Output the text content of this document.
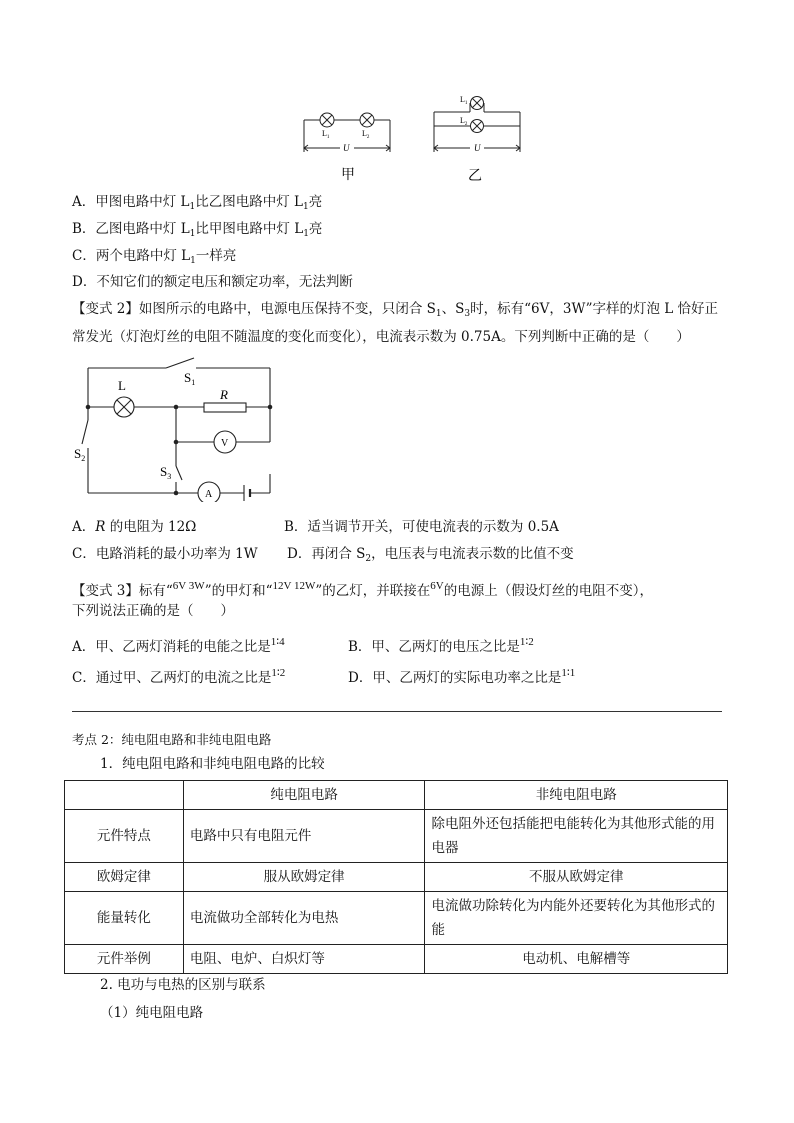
$L_1$	$L_2$
U
甲
$L_1$
$L_2$
U
乙
A．甲图电路中灯 $L_1$比乙图电路中灯 $L_1$亮
B．乙图电路中灯 $L_1$比甲图电路中灯 $L_1$亮
C．两个电路中灯 $L_1$一样亮
D．不知它们的额定电压和额定功率，无法判断
【变式 2】如图所示的电路中，电源电压保持不变，只闭合 $S_1$、$S_3$时，标有“6V，3W”字样的灯泡 L 恰好正
常发光（灯泡灯丝的电阻不随温度的变化而变化），电流表示数为 0.75A。下列判断中正确的是（　　）
$S_1$
L
R
V
$S_2$
$S_3$
A
A．R 的电阻为 12Ω	B．适当调节开关，可使电流表的示数为 0.5A
C．电路消耗的最小功率为 1W D．再闭合 $S_2$，电压表与电流表示数的比值不变
【变式 3】标有“$^{6V 3W}$”的甲灯和“$^{12V 12W}$”的乙灯，并联接在$^{6V}$的电源上（假设灯丝的电阻不变），
下列说法正确的是（　　）
A．甲、乙两灯消耗的电能之比是$^{1∶4}$	B．甲、乙两灯的电压之比是$^{1∶2}$
C．通过甲、乙两灯的电流之比是$^{1∶2}$	D．甲、乙两灯的实际电功率之比是$^{1∶1}$
考点 2：纯电阻电路和非纯电阻电路
1．纯电阻电路和非纯电阻电路的比较
	纯电阻电路	非纯电阻电路
元件特点	电路中只有电阻元件	除电阻外还包括能把电能转化为其他形式能的用电器
欧姆定律	服从欧姆定律	不服从欧姆定律
能量转化	电流做功全部转化为电热	电流做功除转化为内能外还要转化为其他形式的能
元件举例	电阻、电炉、白炽灯等	电动机、电解槽等
2. 电功与电热的区别与联系
（1）纯电阻电路
